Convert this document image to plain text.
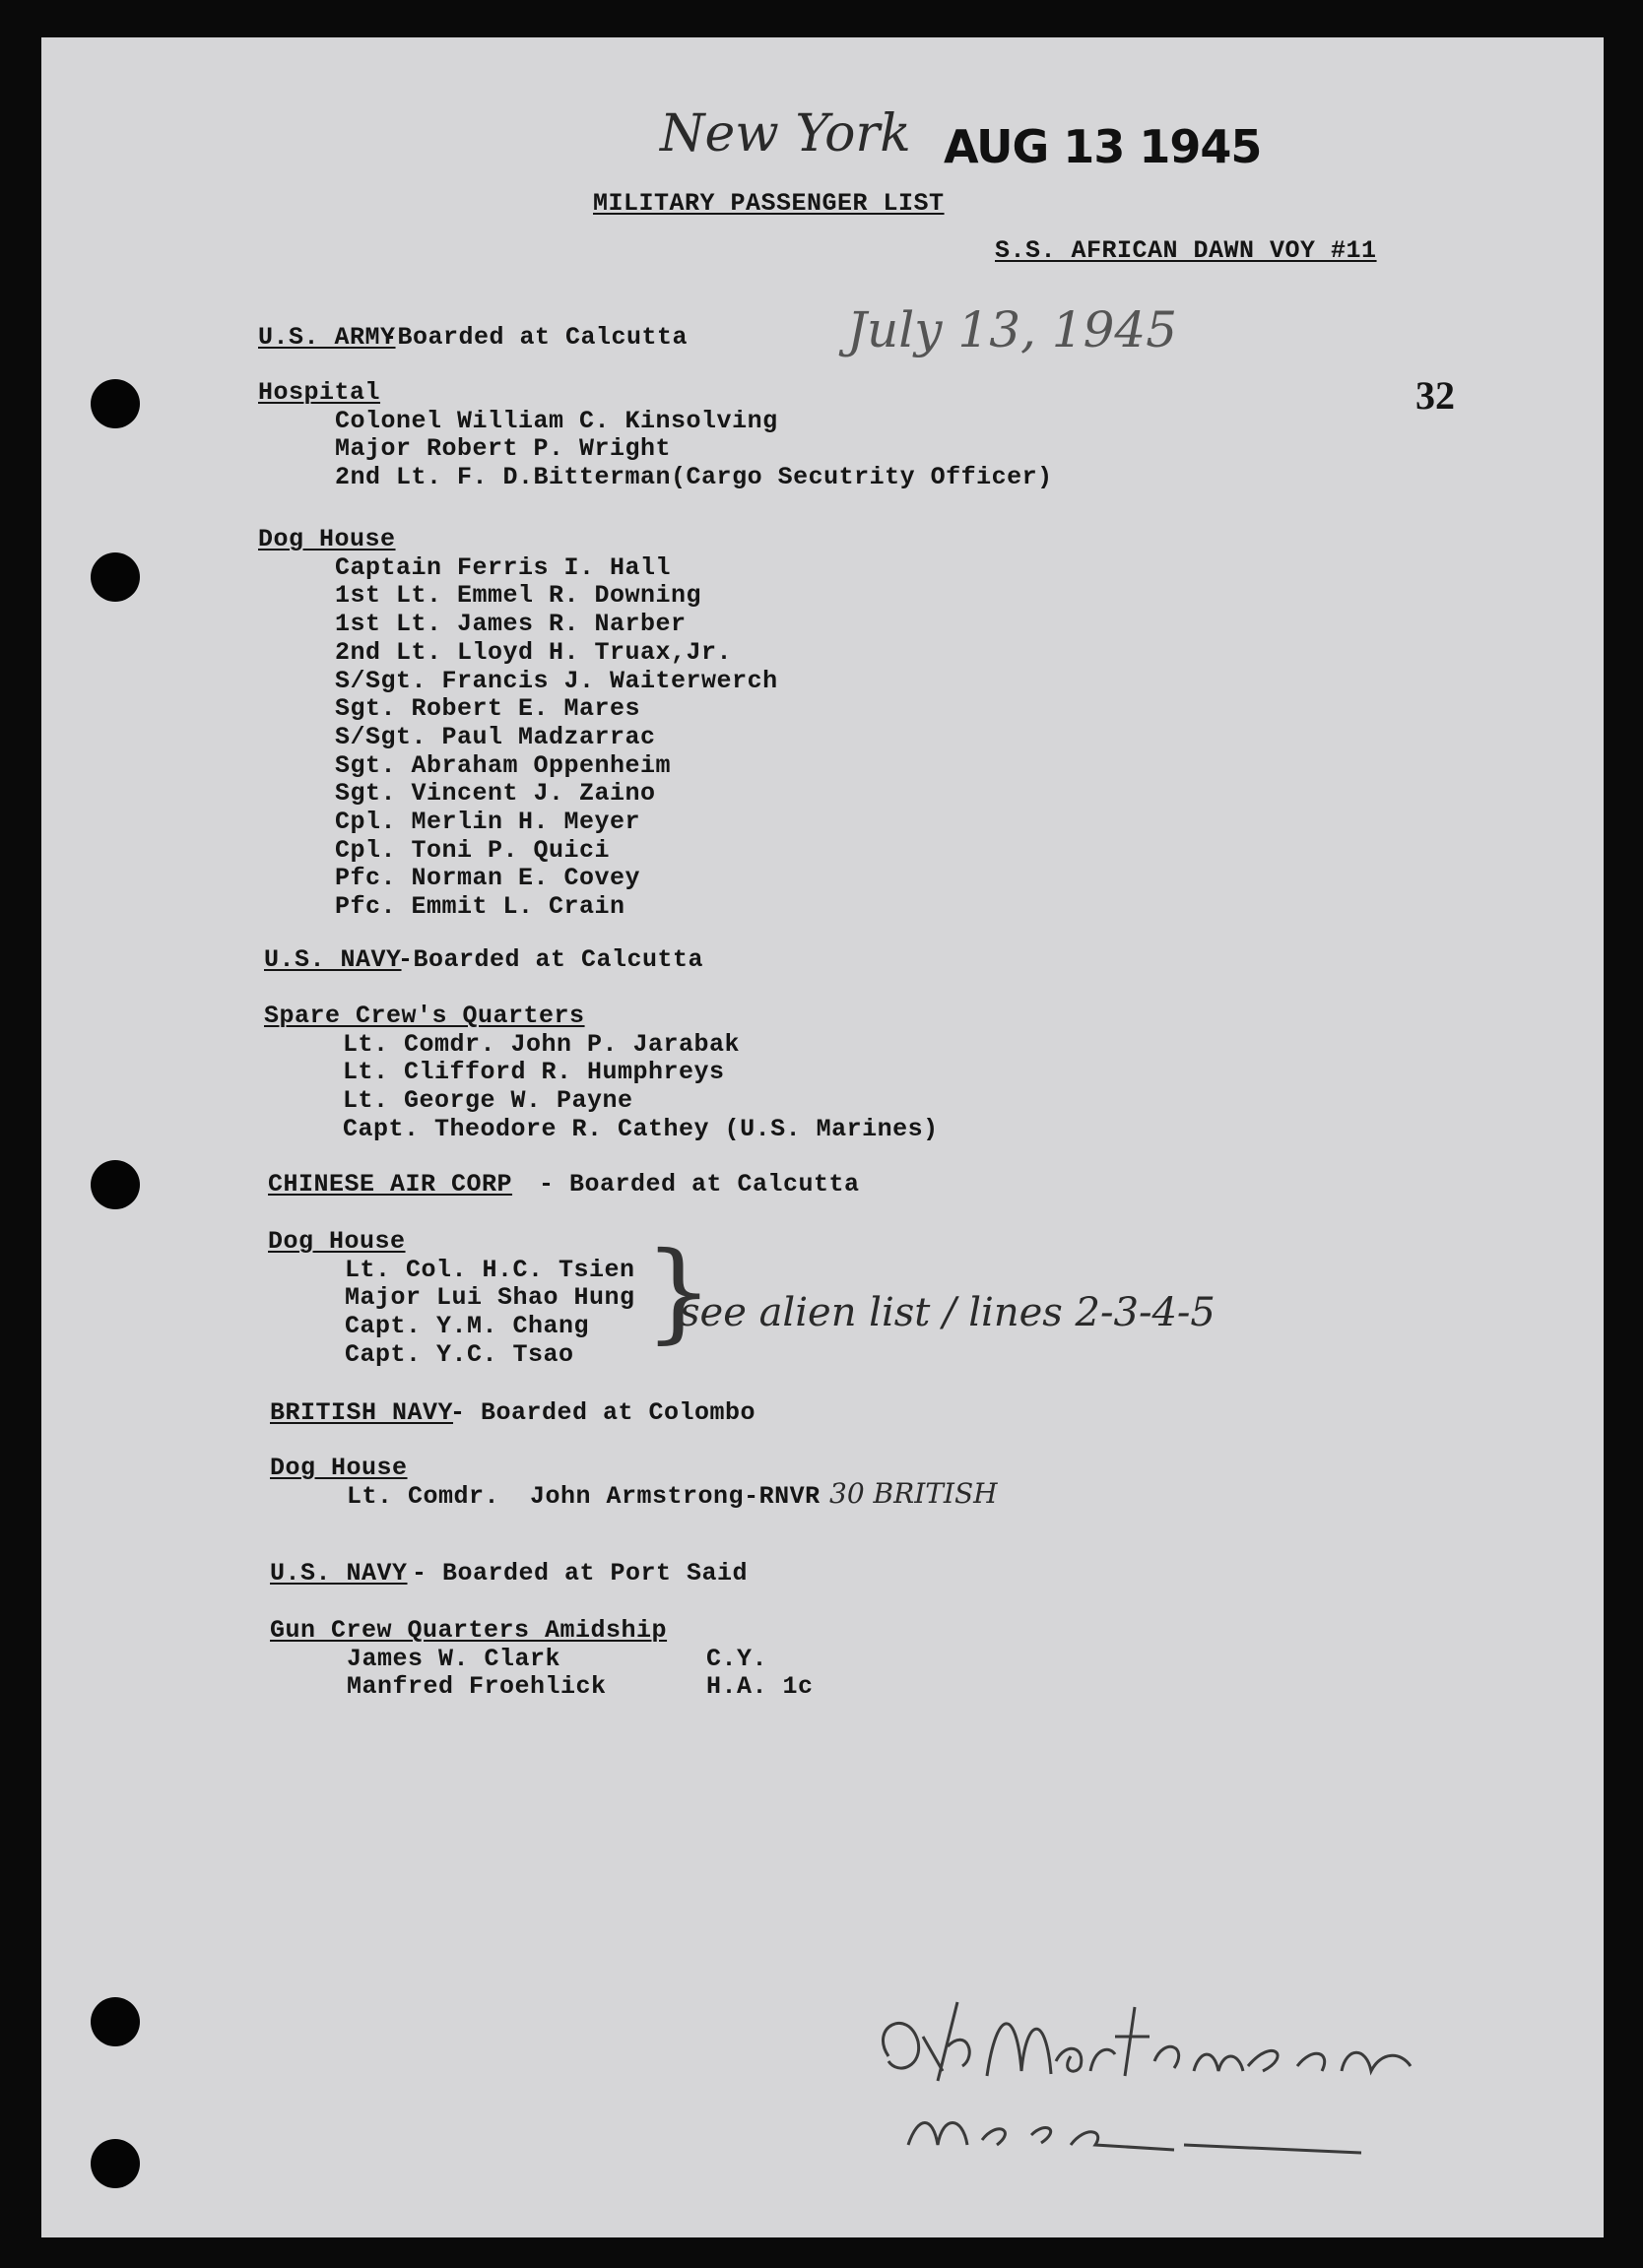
New York AUG 13 1945
MILITARY PASSENGER LIST
S.S. AFRICAN DAWN VOY #11
July 13, 1945
32
U.S. ARMY
-Boarded at Calcutta
Hospital
Colonel William C. Kinsolving
Major Robert P. Wright
2nd Lt. F. D.Bitterman(Cargo Secutrity Officer)
Dog House
Captain Ferris I. Hall
1st Lt. Emmel R. Downing
1st Lt. James R. Narber
2nd Lt. Lloyd H. Truax,Jr.
S/Sgt. Francis J. Waiterwerch
Sgt. Robert E. Mares
S/Sgt. Paul Madzarrac
Sgt. Abraham Oppenheim
Sgt. Vincent J. Zaino
Cpl. Merlin H. Meyer
Cpl. Toni P. Quici
Pfc. Norman E. Covey
Pfc. Emmit L. Crain
U.S. NAVY
-Boarded at Calcutta
Spare Crew's Quarters
Lt. Comdr. John P. Jarabak
Lt. Clifford R. Humphreys
Lt. George W. Payne
Capt. Theodore R. Cathey (U.S. Marines)
CHINESE AIR CORP - Boarded at Calcutta
Dog House
Lt. Col. H.C. Tsien
Major Lui Shao Hung
Capt. Y.M. Chang
Capt. Y.C. Tsao
see alien list / lines 2-3-4-5
BRITISH NAVY
- Boarded at Colombo
Dog House
Lt. Comdr.  John Armstrong-RNVR 30 BRITISH
U.S. NAVY - Boarded at Port Said
Gun Crew Quarters Amidship
James W. Clark
Manfred Froehlick
C.Y.
H.A. 1c
}
